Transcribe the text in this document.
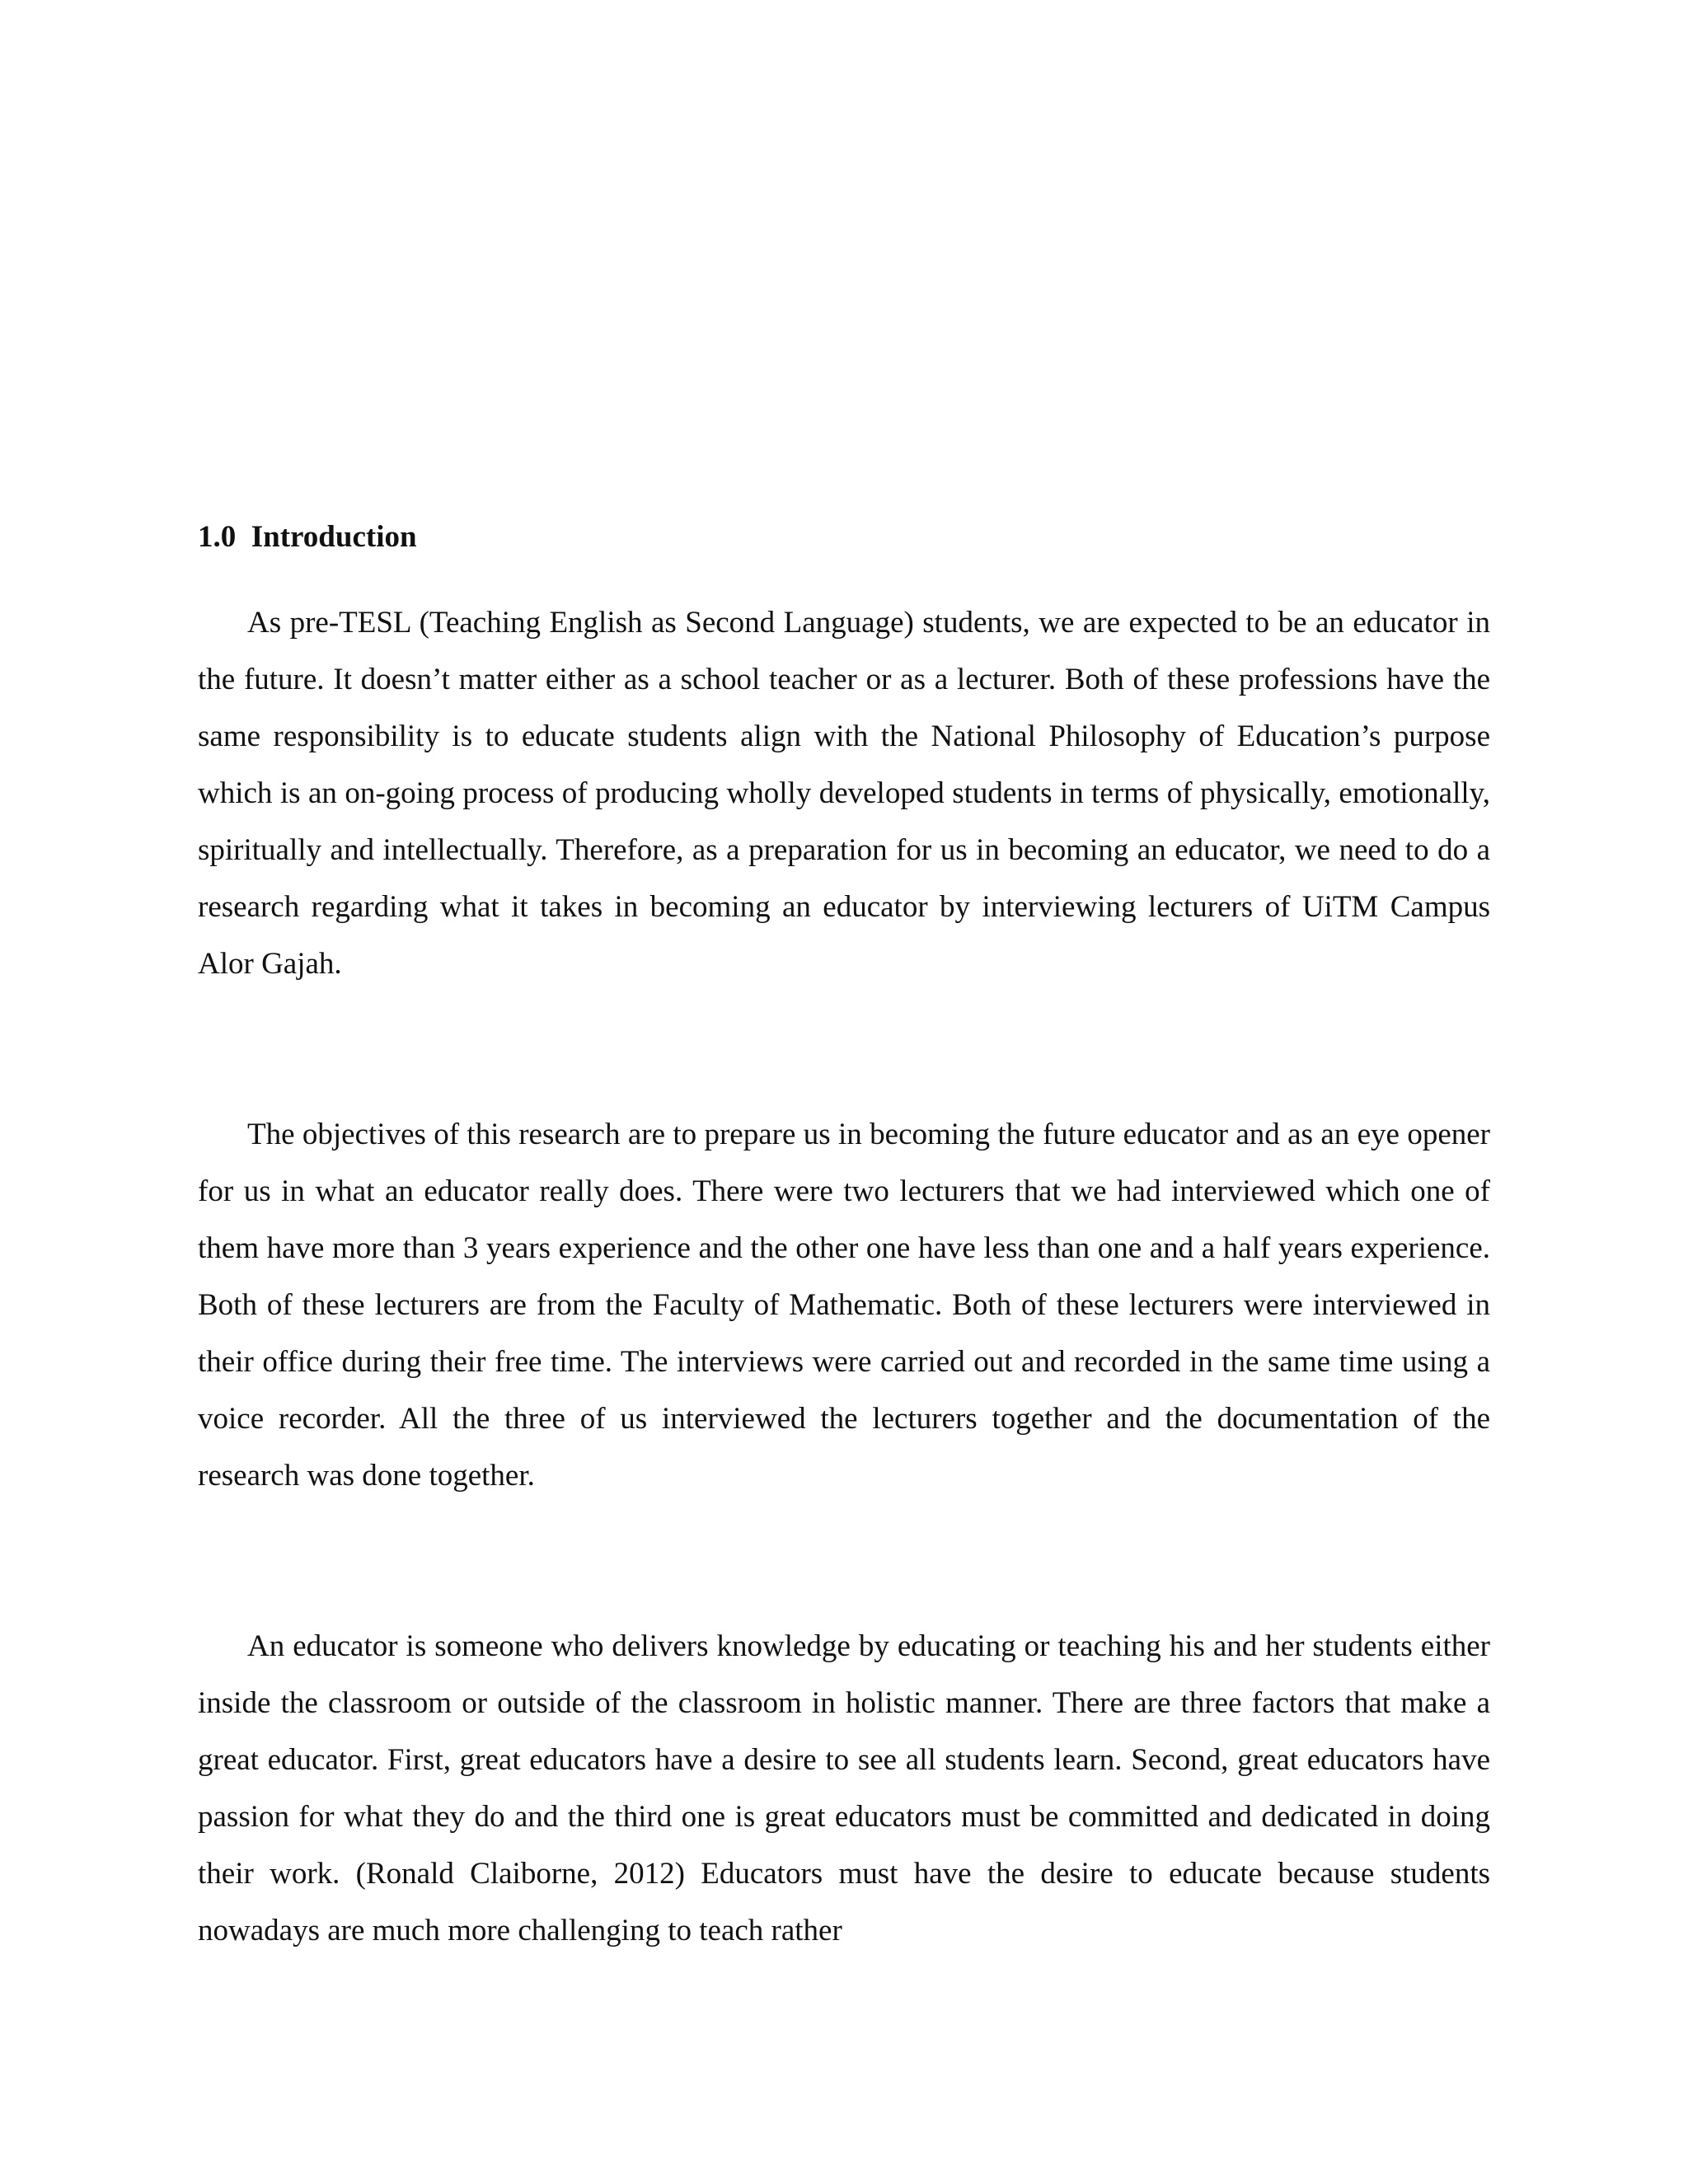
1.0  Introduction

As pre-TESL (Teaching English as Second Language) students, we are expected to be an educator in the future. It doesn’t matter either as a school teacher or as a lecturer. Both of these professions have the same responsibility is to educate students align with the National Philosophy of Education’s purpose which is an on-going process of producing wholly developed students in terms of physically, emotionally, spiritually and intellectually. Therefore, as a preparation for us in becoming an educator, we need to do a research regarding what it takes in becoming an educator by interviewing lecturers of UiTM Campus Alor Gajah.

The objectives of this research are to prepare us in becoming the future educator and as an eye opener for us in what an educator really does. There were two lecturers that we had interviewed which one of them have more than 3 years experience and the other one have less than one and a half years experience. Both of these lecturers are from the Faculty of Mathematic. Both of these lecturers were interviewed in their office during their free time. The interviews were carried out and recorded in the same time using a voice recorder. All the three of us interviewed the lecturers together and the documentation of the research was done together.

An educator is someone who delivers knowledge by educating or teaching his and her students either inside the classroom or outside of the classroom in holistic manner. There are three factors that make a great educator. First, great educators have a desire to see all students learn. Second, great educators have passion for what they do and the third one is great educators must be committed and dedicated in doing their work. (Ronald Claiborne, 2012) Educators must have the desire to educate because students nowadays are much more challenging to teach rather
